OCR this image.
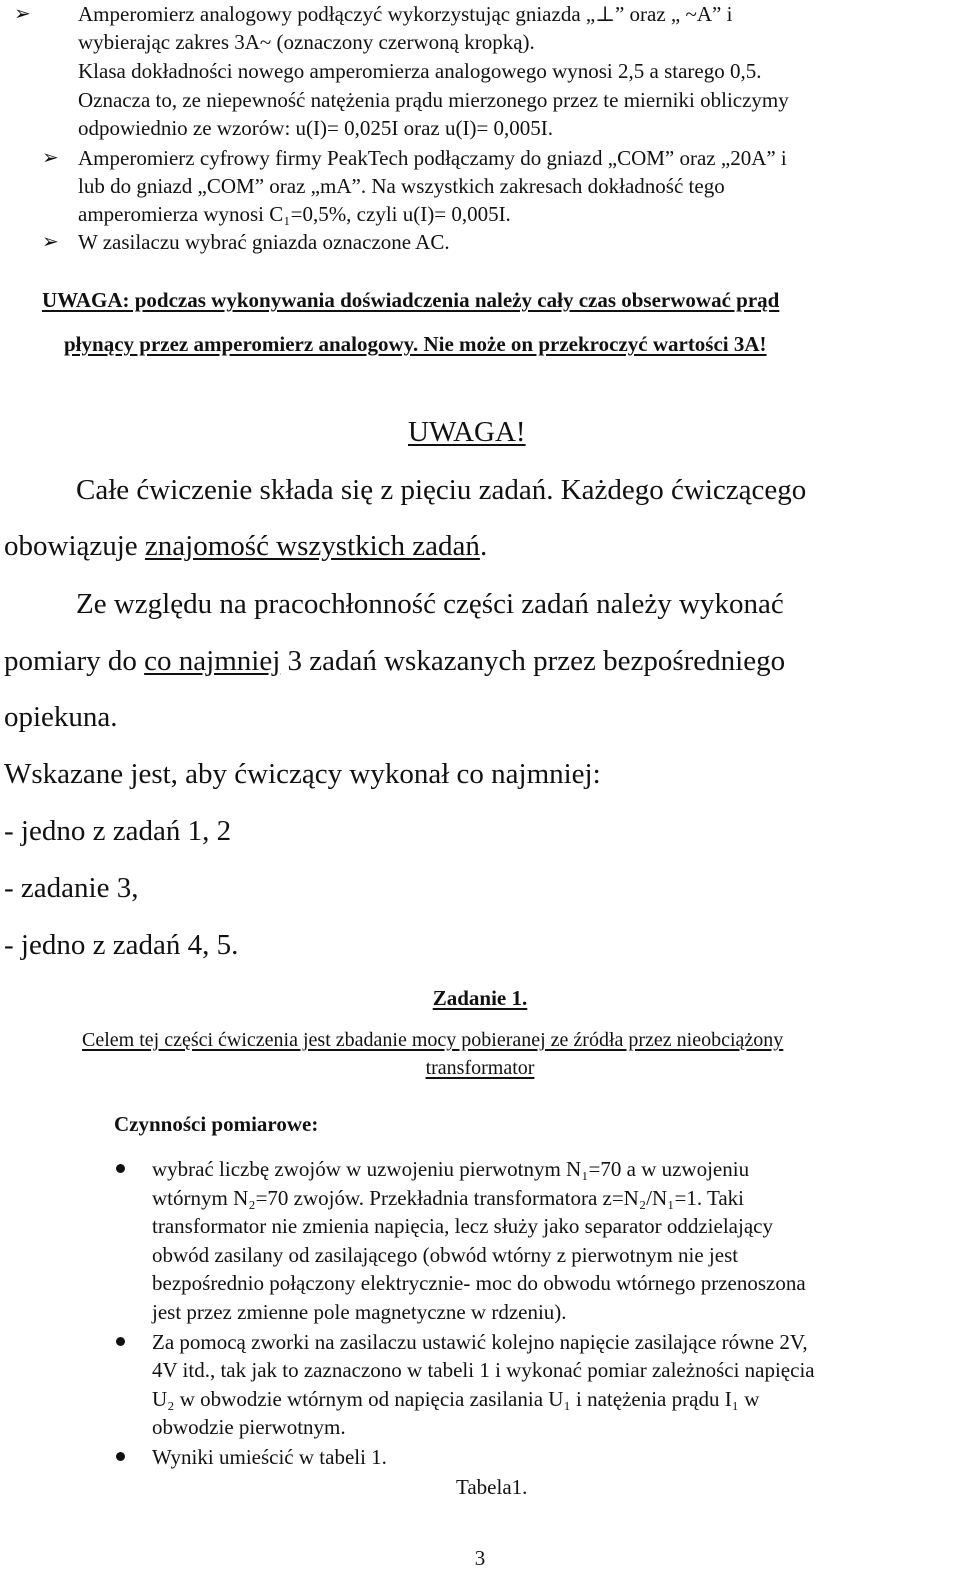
➢ Amperomierz analogowy podłączyć wykorzystując gniazda „⊥” oraz „ ~A” i
wybierając zakres 3A~ (oznaczony czerwoną kropką).
Klasa dokładności nowego amperomierza analogowego wynosi 2,5 a starego 0,5.
Oznacza to, ze niepewność natężenia prądu mierzonego przez te mierniki obliczymy
odpowiednio ze wzorów: u(I)= 0,025I oraz u(I)= 0,005I.
➢ Amperomierz cyfrowy firmy PeakTech podłączamy do gniazd „COM” oraz „20A” i
lub do gniazd „COM” oraz „mA”. Na wszystkich zakresach dokładność tego
amperomierza wynosi C₁=0,5%, czyli u(I)= 0,005I.
➢ W zasilaczu wybrać gniazda oznaczone AC.
UWAGA: podczas wykonywania doświadczenia należy cały czas obserwować prąd
płynący przez amperomierz analogowy. Nie może on przekroczyć wartości 3A!
UWAGA!
Całe ćwiczenie składa się z pięciu zadań. Każdego ćwiczącego
obowiązuje znajomość wszystkich zadań.
Ze względu na pracochłonność części zadań należy wykonać
pomiary do co najmniej 3 zadań wskazanych przez bezpośredniego
opiekuna.
Wskazane jest, aby ćwiczący wykonał co najmniej:
- jedno z zadań 1, 2
- zadanie 3,
- jedno z zadań 4, 5.
Zadanie 1.
Celem tej części ćwiczenia jest zbadanie mocy pobieranej ze źródła przez nieobciążony
transformator
Czynności pomiarowe:
wybrać liczbę zwojów w uzwojeniu pierwotnym N₁=70 a w uzwojeniu
wtórnym N₂=70 zwojów. Przekładnia transformatora z=N₂/N₁=1. Taki
transformator nie zmienia napięcia, lecz służy jako separator oddzielający
obwód zasilany od zasilającego (obwód wtórny z pierwotnym nie jest
bezpośrednio połączony elektrycznie- moc do obwodu wtórnego przenoszona
jest przez zmienne pole magnetyczne w rdzeniu).
Za pomocą zworki na zasilaczu ustawić kolejno napięcie zasilające równe 2V,
4V itd., tak jak to zaznaczono w tabeli 1 i wykonać pomiar zależności napięcia
U₂ w obwodzie wtórnym od napięcia zasilania U₁ i natężenia prądu I₁ w
obwodzie pierwotnym.
Wyniki umieścić w tabeli 1.
Tabela1.
3
